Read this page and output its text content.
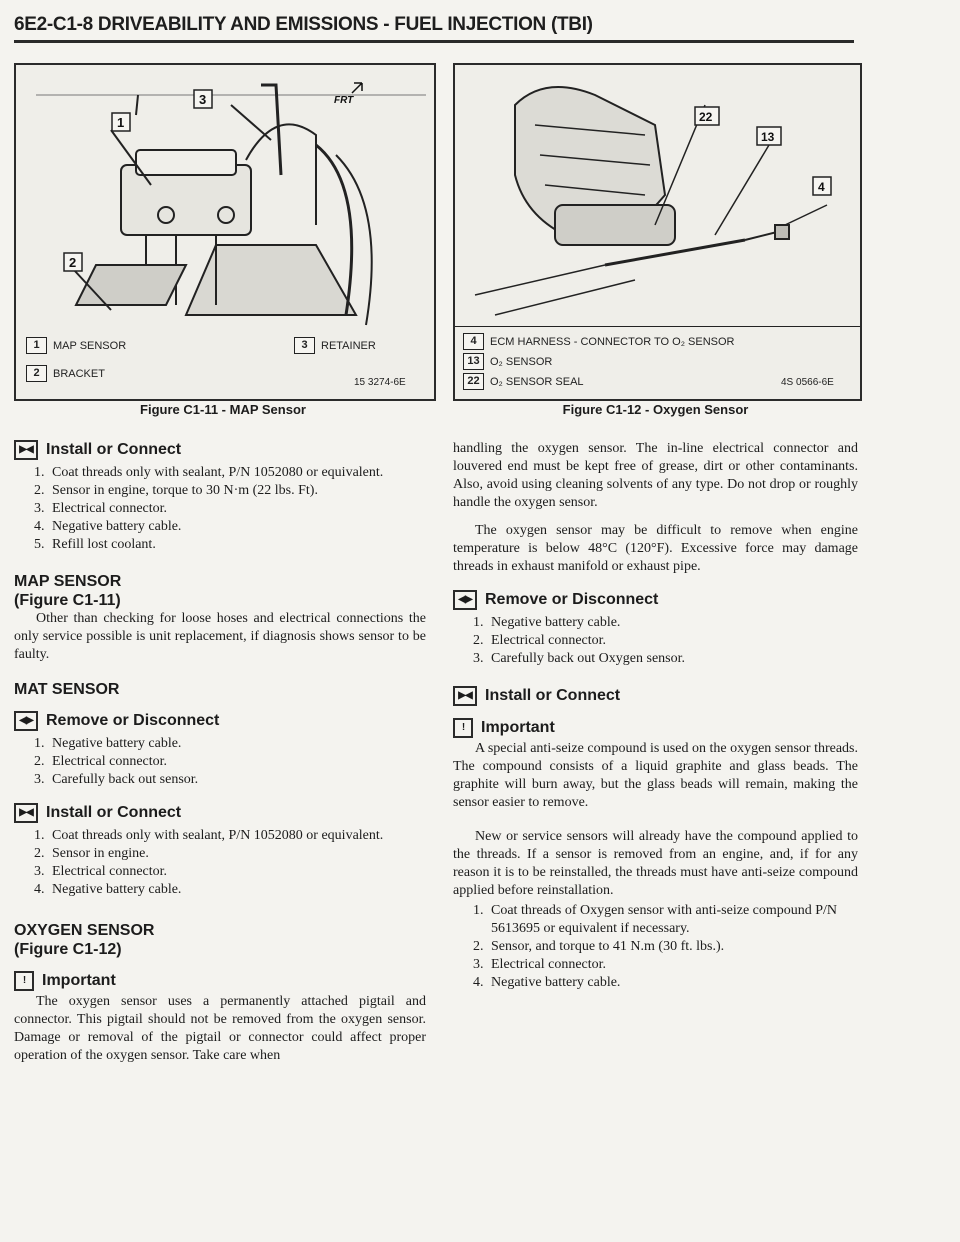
6E2-C1-8 DRIVEABILITY AND EMISSIONS - FUEL INJECTION (TBI)
1
2
3	FRT
1	MAP SENSOR	3	RETAINER
2	BRACKET
15 3274-6E
Figure C1-11 - MAP Sensor
22
13
4
4	ECM HARNESS - CONNECTOR TO O₂ SENSOR
13 O₂ SENSOR
22 O₂ SENSOR SEAL	4S 0566-6E
Figure C1-12 - Oxygen Sensor
▶◀ Install or Connect
1. Coat threads only with sealant, P/N 1052080 or equivalent.
2. Sensor in engine, torque to 30 N·m (22 lbs. Ft).
3. Electrical connector.
4. Negative battery cable.
5. Refill lost coolant.
MAP SENSOR
(Figure C1-11)

Other than checking for loose hoses and electrical connections the only service possible is unit replacement, if diagnosis shows sensor to be faulty.

MAT SENSOR
◀▶ Remove or Disconnect
1. Negative battery cable.
2. Electrical connector.
3. Carefully back out sensor.
▶◀ Install or Connect
1. Coat threads only with sealant, P/N 1052080 or equivalent.
2. Sensor in engine.
3. Electrical connector.
4. Negative battery cable.
OXYGEN SENSOR
(Figure C1-12)
!	Important

The oxygen sensor uses a permanently attached pigtail and connector. This pigtail should not be removed from the oxygen sensor. Damage or removal of the pigtail or connector could affect proper operation of the oxygen sensor. Take care when

handling the oxygen sensor. The in-line electrical connector and louvered end must be kept free of grease, dirt or other contaminants. Also, avoid using cleaning solvents of any type. Do not drop or roughly handle the oxygen sensor.

The oxygen sensor may be difficult to remove when engine temperature is below 48°C (120°F). Excessive force may damage threads in exhaust manifold or exhaust pipe.

◀▶ Remove or Disconnect
1. Negative battery cable.
2. Electrical connector.
3. Carefully back out Oxygen sensor.
▶◀ Install or Connect
!	Important

A special anti-seize compound is used on the oxygen sensor threads. The compound consists of a liquid graphite and glass beads. The graphite will burn away, but the glass beads will remain, making the sensor easier to remove.

New or service sensors will already have the compound applied to the threads. If a sensor is removed from an engine, and, if for any reason it is to be reinstalled, the threads must have anti-seize compound applied before reinstallation.

1. Coat threads of Oxygen sensor with anti-seize compound P/N 5613695 or equivalent if necessary.
2. Sensor, and torque to 41 N.m (30 ft. lbs.).
3. Electrical connector.
4. Negative battery cable.
